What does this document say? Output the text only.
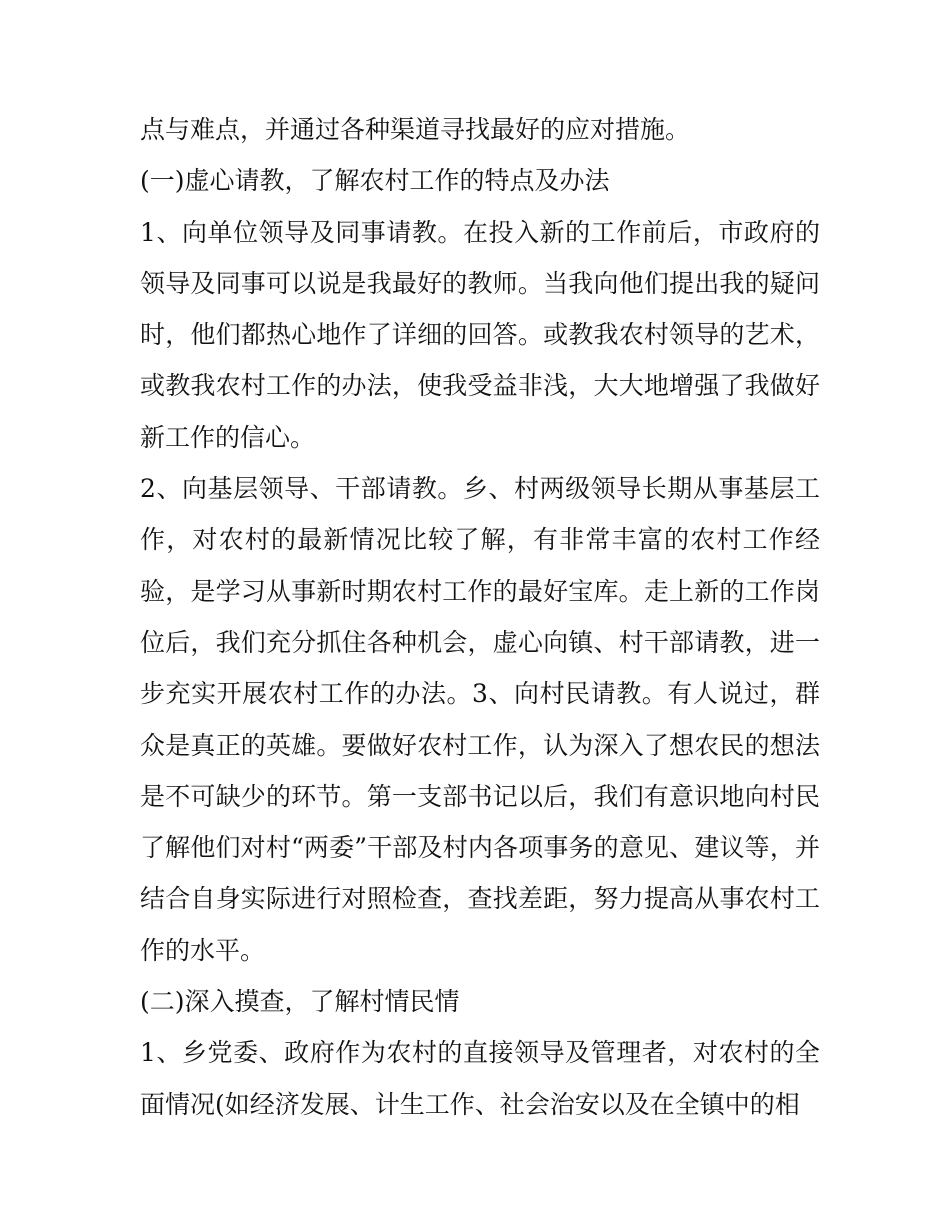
点与难点，并通过各种渠道寻找最好的应对措施。

(一)虚心请教，了解农村工作的特点及办法

1、向单位领导及同事请教。在投入新的工作前后，市政府的领导及同事可以说是我最好的教师。当我向他们提出我的疑问时，他们都热心地作了详细的回答。或教我农村领导的艺术，或教我农村工作的办法，使我受益非浅，大大地增强了我做好新工作的信心。

2、向基层领导、干部请教。乡、村两级领导长期从事基层工作，对农村的最新情况比较了解，有非常丰富的农村工作经验，是学习从事新时期农村工作的最好宝库。走上新的工作岗位后，我们充分抓住各种机会，虚心向镇、村干部请教，进一步充实开展农村工作的办法。3、向村民请教。有人说过，群众是真正的英雄。要做好农村工作，认为深入了想农民的想法是不可缺少的环节。第一支部书记以后，我们有意识地向村民了解他们对村“两委”干部及村内各项事务的意见、建议等，并结合自身实际进行对照检查，查找差距，努力提高从事农村工作的水平。

(二)深入摸查，了解村情民情

1、乡党委、政府作为农村的直接领导及管理者，对农村的全面情况(如经济发展、计生工作、社会治安以及在全镇中的相
